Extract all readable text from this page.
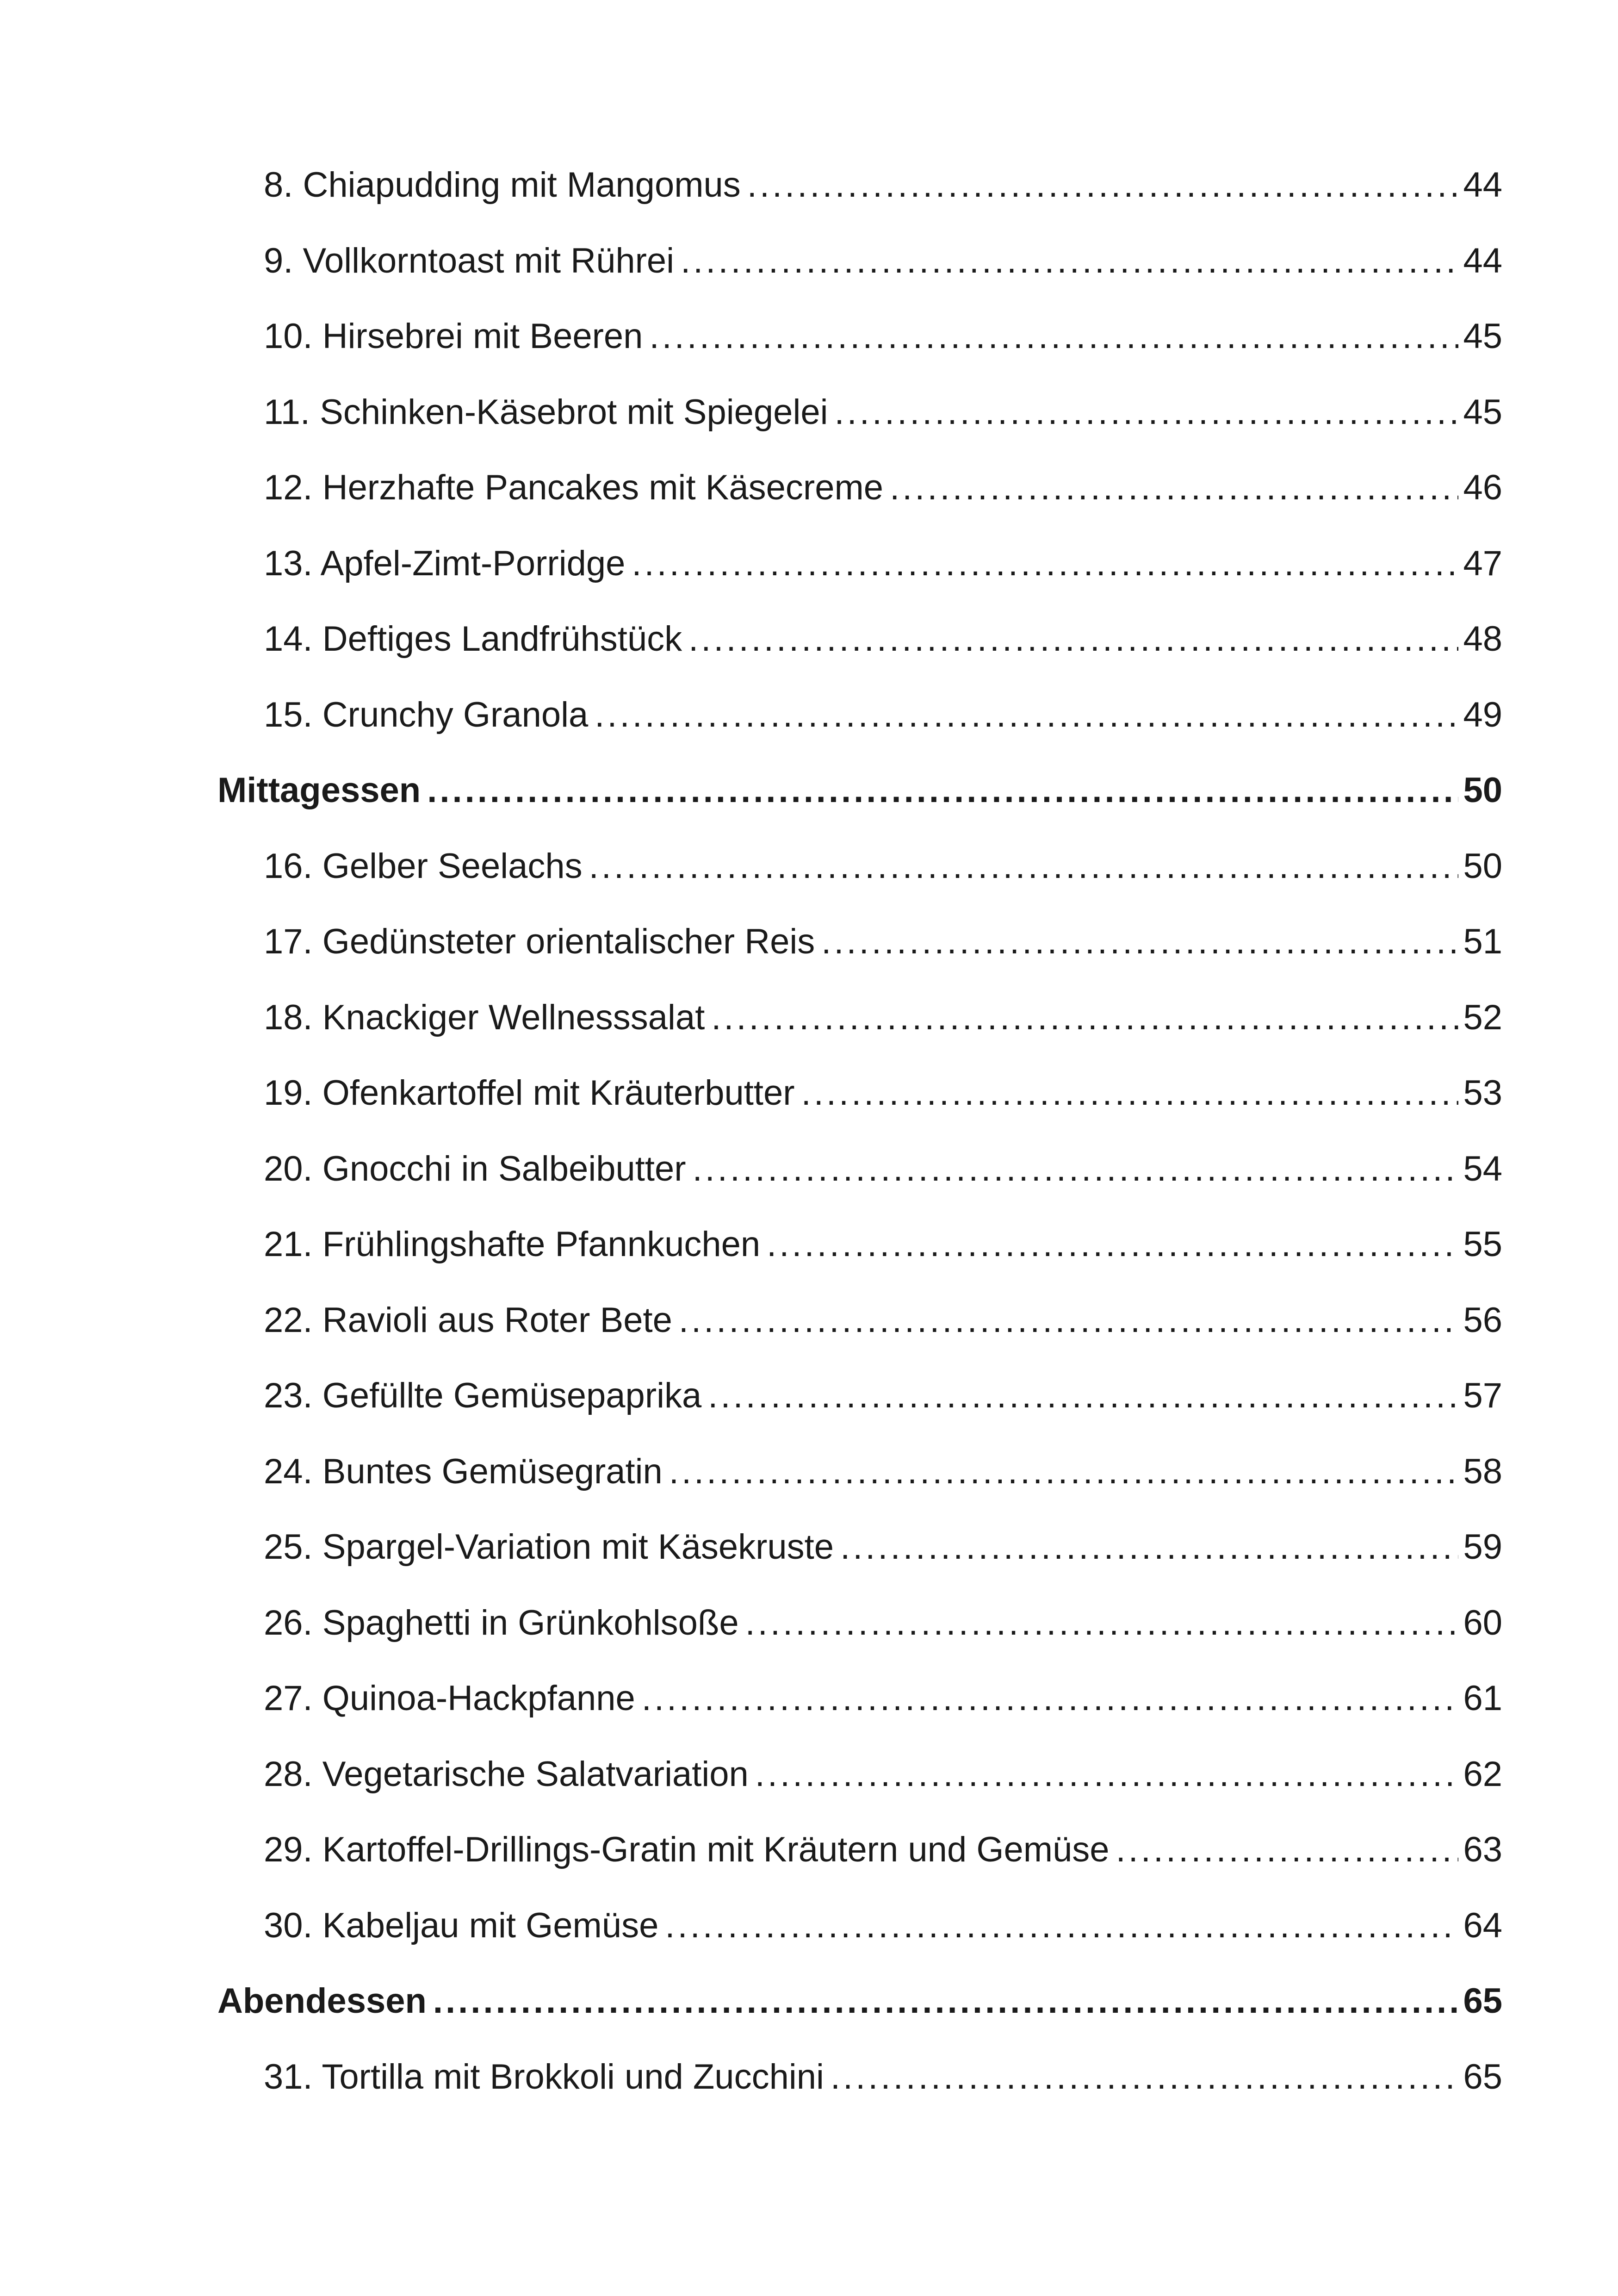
8. Chiapudding mit Mangomus .....	44
9. Vollkorntoast mit Rührei .....	44
10. Hirsebrei mit Beeren .....	45
11. Schinken-Käsebrot mit Spiegelei .....	45
12. Herzhafte Pancakes mit Käsecreme .....	46
13. Apfel-Zimt-Porridge .....	47
14. Deftiges Landfrühstück .....	48
15. Crunchy Granola .....	49
Mittagessen .....	50
16. Gelber Seelachs .....	50
17. Gedünsteter orientalischer Reis .....	51
18. Knackiger Wellnesssalat .....	52
19. Ofenkartoffel mit Kräuterbutter .....	53
20. Gnocchi in Salbeibutter .....	54
21. Frühlingshafte Pfannkuchen .....	55
22. Ravioli aus Roter Bete .....	56
23. Gefüllte Gemüsepaprika .....	57
24. Buntes Gemüsegratin .....	58
25. Spargel-Variation mit Käsekruste .....	59
26. Spaghetti in Grünkohlsoße .....	60
27. Quinoa-Hackpfanne .....	61
28. Vegetarische Salatvariation .....	62
29. Kartoffel-Drillings-Gratin mit Kräutern und Gemüse .....	63
30. Kabeljau mit Gemüse .....	64
Abendessen .....	65
31. Tortilla mit Brokkoli und Zucchini .....	65
